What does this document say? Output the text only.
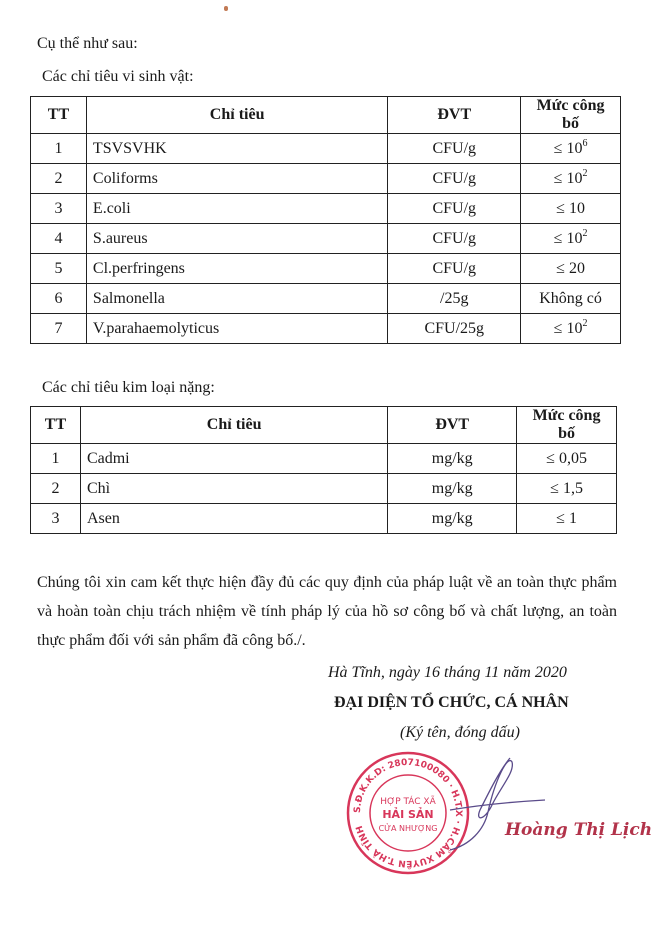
Cụ thể như sau:
Các chỉ tiêu vi sinh vật:
TT	Chỉ tiêu	ĐVT	Mức công bố
1	TSVSVHK	CFU/g	≤ $10^6$
2	Coliforms	CFU/g	≤ $10^2$
3	E.coli	CFU/g	≤ 10
4	S.aureus	CFU/g	≤ $10^2$
5	Cl.perfringens	CFU/g	≤ 20
6	Salmonella	/25g	Không có
7	V.parahaemolyticus	CFU/25g	≤ $10^2$
Các chỉ tiêu kim loại nặng:
TT	Chỉ tiêu	ĐVT	Mức công bố
1	Cadmi	mg/kg	≤ 0,05
2	Chì	mg/kg	≤ 1,5
3	Asen	mg/kg	≤ 1
Chúng tôi xin cam kết thực hiện đầy đủ các quy định của pháp luật về an toàn thực phẩm và hoàn toàn chịu trách nhiệm về tính pháp lý của hồ sơ công bố và chất lượng, an toàn thực phẩm đối với sản phẩm đã công bố./.
Hà Tĩnh, ngày 16 tháng 11 năm 2020
ĐẠI DIỆN TỔ CHỨC, CÁ NHÂN
(Ký tên, đóng dấu)
S.Đ.K.K.D: 2807100080 · H.T.X · H.CẨM XUYÊN T.HÀ TĨNH
HỢP TÁC XÃ
HẢI SẢN
CỬA NHƯỢNG	Hoàng Thị Lịch
